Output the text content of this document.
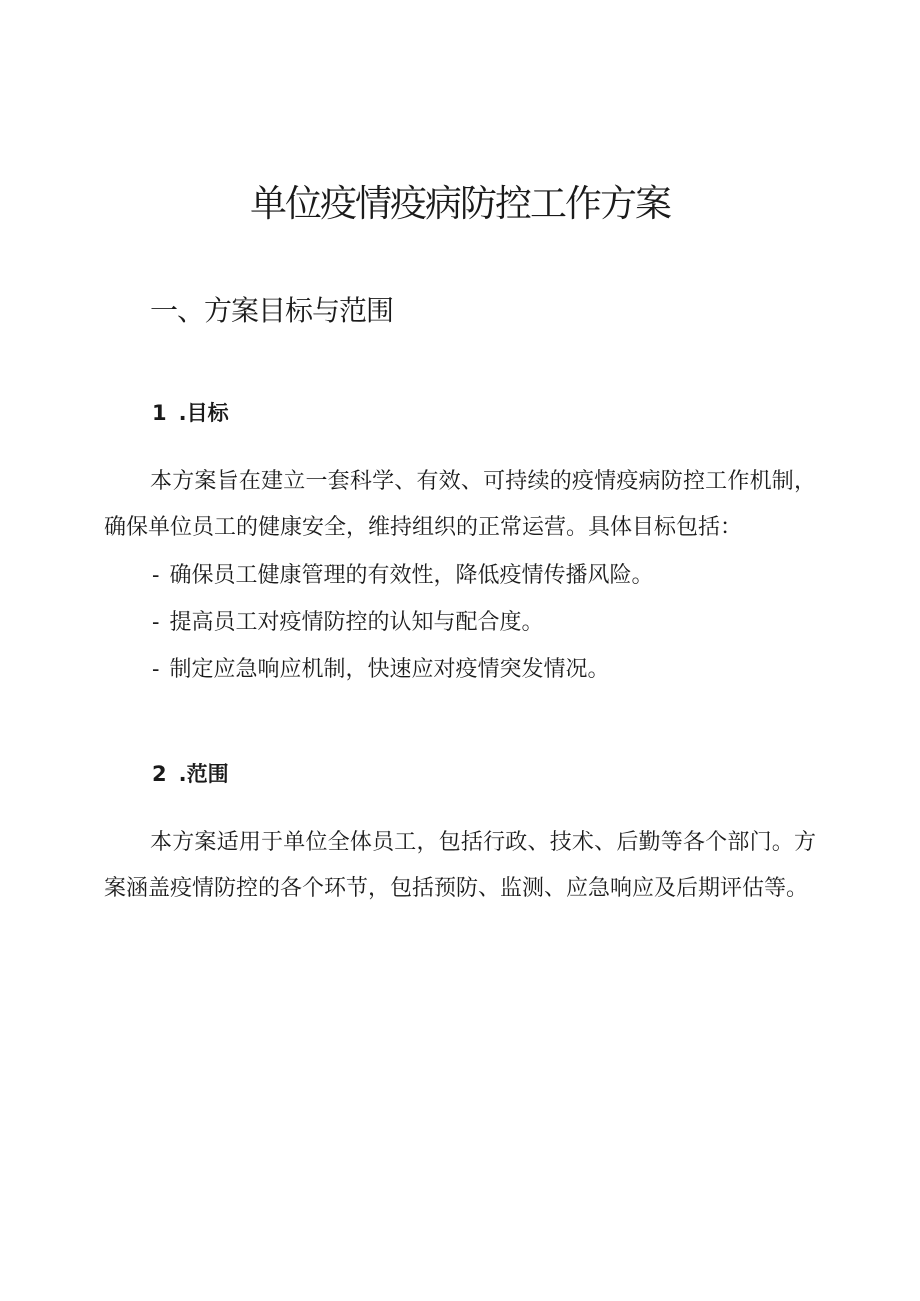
单位疫情疫病防控工作方案
一、方案目标与范围
1 .目标

本方案旨在建立一套科学、有效、可持续的疫情疫病防控工作机制，确保单位员工的健康安全，维持组织的正常运营。具体目标包括：

- 确保员工健康管理的有效性，降低疫情传播风险。

- 提高员工对疫情防控的认知与配合度。

- 制定应急响应机制，快速应对疫情突发情况。

2 .范围

本方案适用于单位全体员工，包括行政、技术、后勤等各个部门。方案涵盖疫情防控的各个环节，包括预防、监测、应急响应及后期评估等。
